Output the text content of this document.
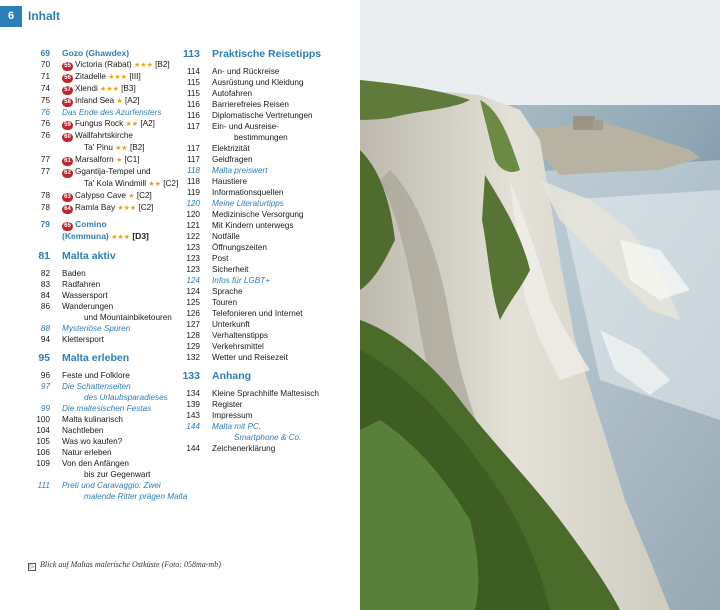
6	Inhalt
69	Gozo (Ghawdex)
70	55 Victoria (Rabat) ★★★ [B2]
71	56 Zitadelle ★★★ [III]
74	57 Xlendi ★★★ [B3]
75	58 Inland Sea ★ [A2]
76	Das Ende des Azurfensters
76	59 Fungus Rock ★★ [A2]
76	60 Wallfahrtskirche
Ta' Pinu ★★ [B2]
77	61 Marsalforn ★ [C1]
77	62 Ggantija-Tempel und
Ta' Kola Windmill ★★ [C2]
78	63 Calypso Cave ★ [C2]
78	64 Ramla Bay ★★★ [C2]
79	65 Comino
(Kemmuna) ★★★ [D3]
81	Malta aktiv
82	Baden
83	Radfahren
84	Wassersport
86	Wanderungen
und Mountainbiketouren
88	Mysteriöse Spuren
94	Klettersport
95	Malta erleben
96	Feste und Folklore
97	Die Schattenseiten
des Urlaubsparadieses
99	Die maltesischen Festas
100	Malta kulinarisch
104	Nachtleben
105	Was wo kaufen?
106	Natur erleben
109	Von den Anfängen
bis zur Gegenwart
111	Preti und Caravaggio: Zwei
malende Ritter prägen Malta
113	Praktische Reisetipps
114	An- und Rückreise
115	Ausrüstung und Kleidung
115	Autofahren
116	Barrierefreies Reisen
116	Diplomatische Vertretungen
117	Ein- und Ausreise-
bestimmungen
117	Elektrizität
117	Geldfragen
118	Malta preiswert
118	Haustiere
119	Informationsquellen
120	Meine Literaturtipps
120	Medizinische Versorgung
121	Mit Kindern unterwegs
122	Notfälle
123	Öffnungszeiten
123	Post
123	Sicherheit
124	Infos für LGBT+
124	Sprache
125	Touren
126	Telefonieren und Internet
127	Unterkunft
128	Verhaltenstipps
129	Verkehrsmittel
132	Wetter und Reisezeit
133	Anhang
134	Kleine Sprachhilfe Maltesisch
139	Register
143	Impressum
144	Malta mit PC,
Smartphone & Co.
144	Zeichenerklärung
▷ Blick auf Maltas malerische Ostküste (Foto: 058ma-mb)
